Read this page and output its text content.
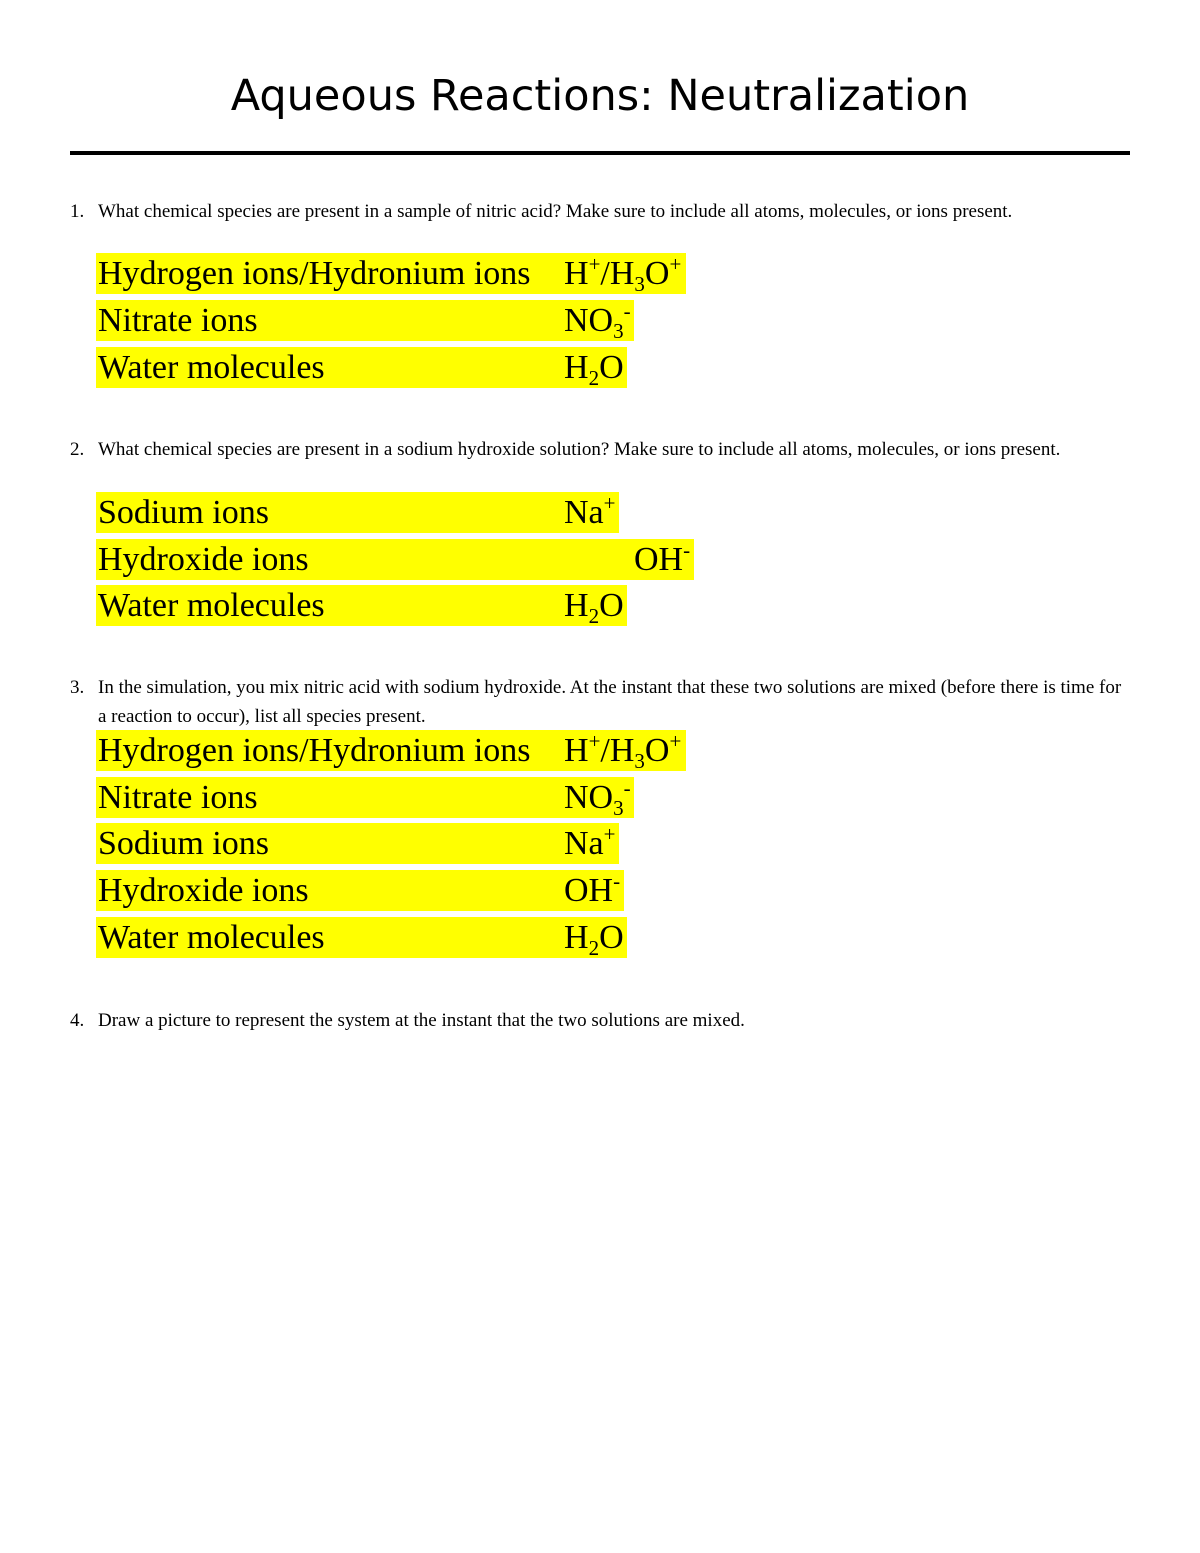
Aqueous Reactions: Neutralization
1. What chemical species are present in a sample of nitric acid? Make sure to include all atoms, molecules, or ions present.
Hydrogen ions/Hydronium ions $H^+/H_3O^+$
Nitrate ions	$NO_3^-$
Water molecules	$H_2O$
2. What chemical species are present in a sodium hydroxide solution? Make sure to include all atoms, molecules, or ions present.
Sodium ions	Na+
Hydroxide ions	OH-
Water molecules	$H_2O$
3. In the simulation, you mix nitric acid with sodium hydroxide. At the instant that these two solutions are mixed (before there is time for a reaction to occur), list all species present.
Hydrogen ions/Hydronium ions $H^+/H_3O^+$
Nitrate ions	$NO_3^-$
Sodium ions	Na+
Hydroxide ions	OH-
Water molecules	$H_2O$
4. Draw a picture to represent the system at the instant that the two solutions are mixed.
